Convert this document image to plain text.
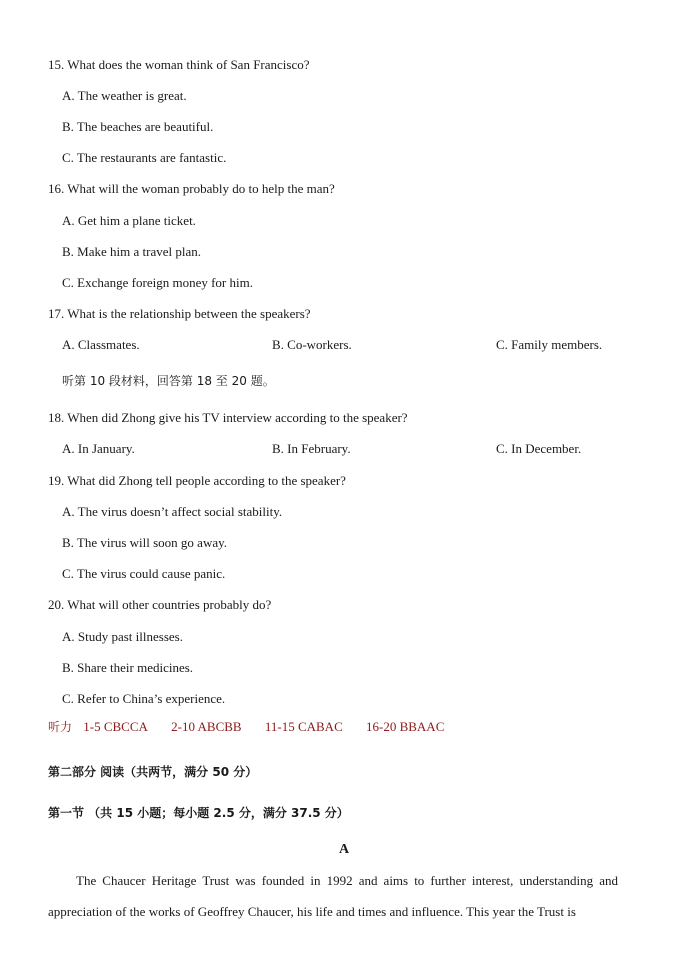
15. What does the woman think of San Francisco?
A. The weather is great.
B. The beaches are beautiful.
C. The restaurants are fantastic.
16. What will the woman probably do to help the man?
A. Get him a plane ticket.
B. Make him a travel plan.
C. Exchange foreign money for him.
17. What is the relationship between the speakers?
A. Classmates.	B. Co-workers.	C. Family members.
听第 10 段材料，回答第 18 至 20 题。
18. When did Zhong give his TV interview according to the speaker?
A. In January.	B. In February.	C. In December.
19. What did Zhong tell people according to the speaker?
A. The virus doesn’t affect social stability.
B. The virus will soon go away.
C. The virus could cause panic.
20. What will other countries probably do?
A. Study past illnesses.
B. Share their medicines.
C. Refer to China’s experience.
听力 1-5 CBCCA 2-10 ABCBB 11-15 CABAC 16-20 BBAAC
第二部分 阅读（共两节，满分 50 分）
第一节 （共 15 小题；每小题 2.5 分，满分 37.5 分）
A
The Chaucer Heritage Trust was founded in 1992 and aims to further interest, understanding and appreciation of the works of Geoffrey Chaucer, his life and times and influence. This year the Trust is
